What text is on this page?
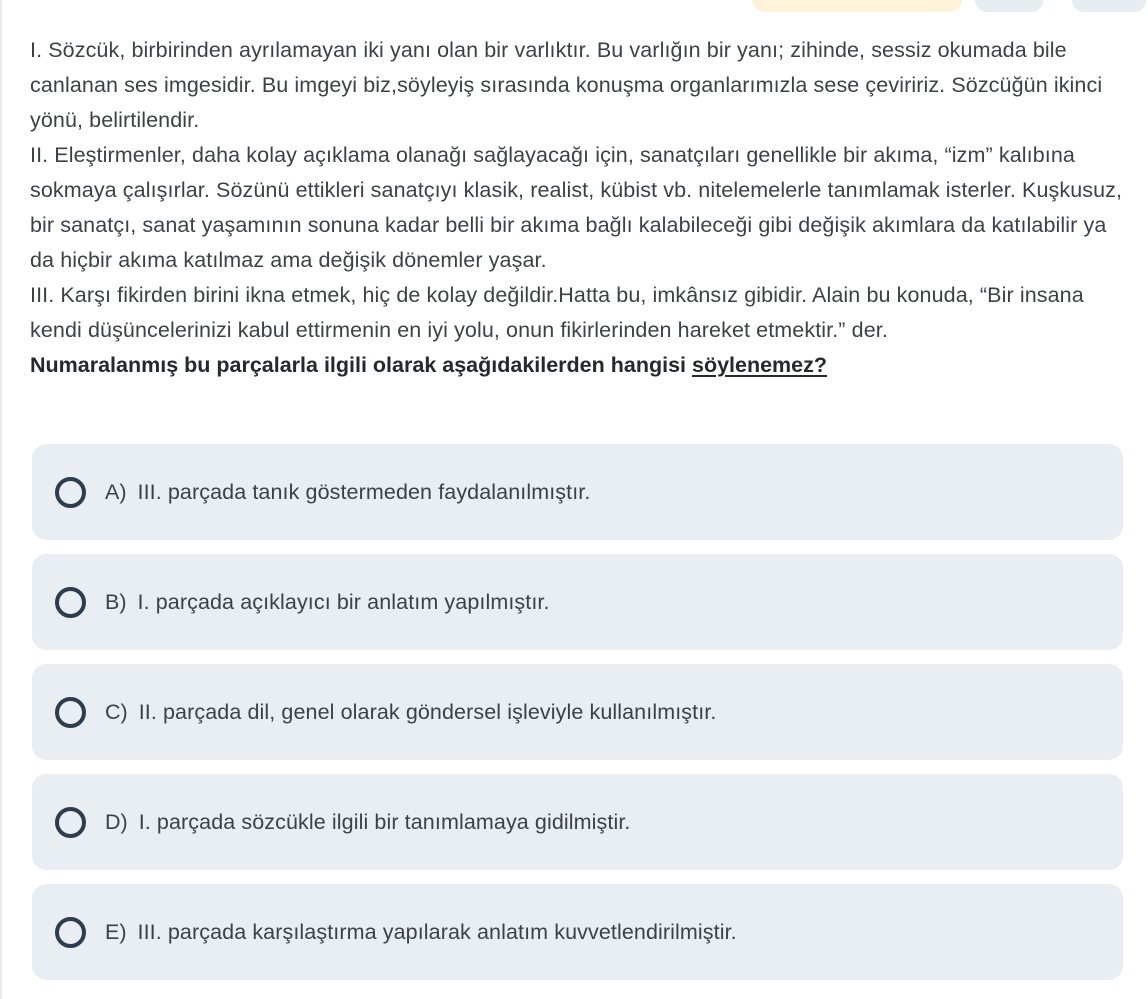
I. Sözcük, birbirinden ayrılamayan iki yanı olan bir varlıktır. Bu varlığın bir yanı; zihinde, sessiz okumada bile canlanan ses imgesidir. Bu imgeyi biz,söyleyiş sırasında konuşma organlarımızla sese çeviririz. Sözcüğün ikinci yönü, belirtilendir.

II. Eleştirmenler, daha kolay açıklama olanağı sağlayacağı için, sanatçıları genellikle bir akıma, “izm” kalıbına sokmaya çalışırlar. Sözünü ettikleri sanatçıyı klasik, realist, kübist vb. nitelemelerle tanımlamak isterler. Kuşkusuz, bir sanatçı, sanat yaşamının sonuna kadar belli bir akıma bağlı kalabileceği gibi değişik akımlara da katılabilir ya da hiçbir akıma katılmaz ama değişik dönemler yaşar.

III. Karşı fikirden birini ikna etmek, hiç de kolay değildir.Hatta bu, imkânsız gibidir. Alain bu konuda, “Bir insana kendi düşüncelerinizi kabul ettirmenin en iyi yolu, onun fikirlerinden hareket etmektir.” der.

Numaralanmış bu parçalarla ilgili olarak aşağıdakilerden hangisi söylenemez?

A) III. parçada tanık göstermeden faydalanılmıştır.
B) I. parçada açıklayıcı bir anlatım yapılmıştır.
C) II. parçada dil, genel olarak göndersel işleviyle kullanılmıştır.
D) I. parçada sözcükle ilgili bir tanımlamaya gidilmiştir.
E) III. parçada karşılaştırma yapılarak anlatım kuvvetlendirilmiştir.
